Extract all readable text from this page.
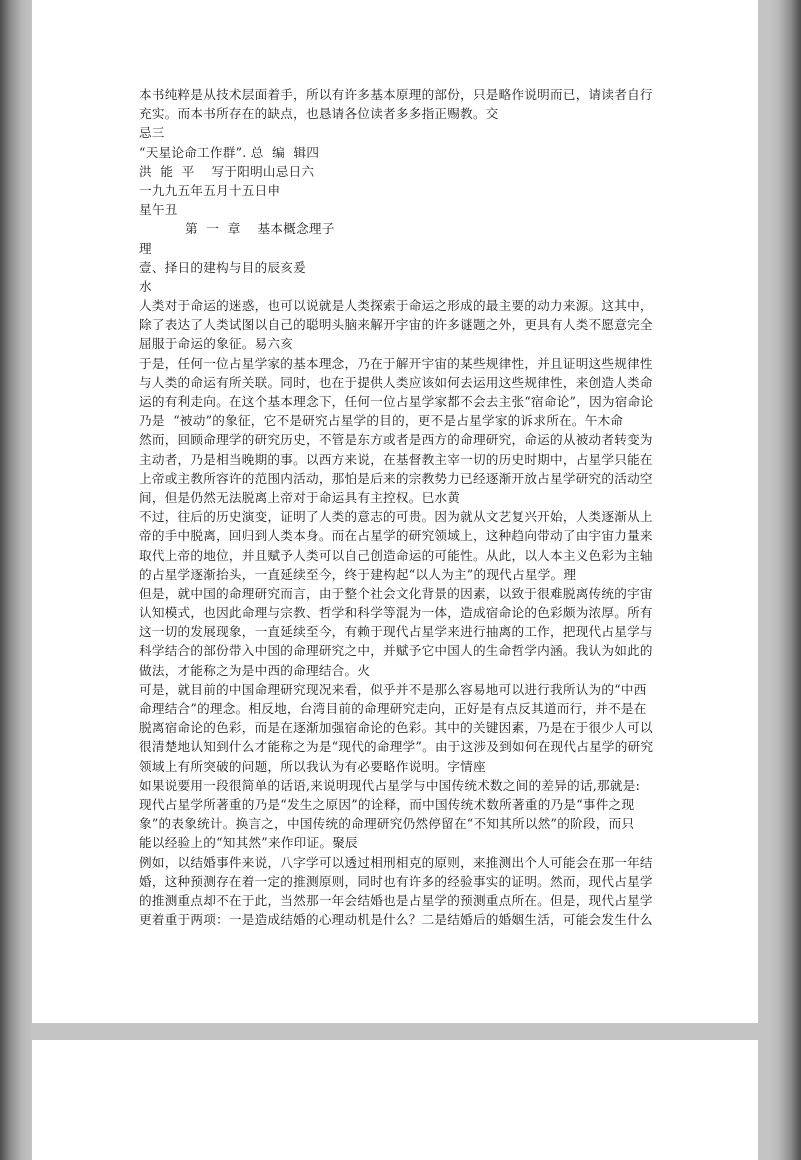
本书纯粹是从技术层面着手，所以有许多基本原理的部份，只是略作说明而已，请读者自行
充实。而本书所存在的缺点，也恳请各位读者多多指正赐教。交
忌三
“天星论命工作群”. 总  编  辑四
洪  能  平    写于阳明山忌日六
一九九五年五月十五日申
星午丑
第  一  章    基本概念理子
理
壹、择日的建构与目的辰亥爰
水
人类对于命运的迷惑，也可以说就是人类探索于命运之形成的最主要的动力来源。这其中，
除了表达了人类试图以自己的聪明头脑来解开宇宙的许多谜题之外，更具有人类不愿意完全
屈服于命运的象征。易六亥
于是，任何一位占星学家的基本理念，乃在于解开宇宙的某些规律性，并且证明这些规律性
与人类的命运有所关联。同时，也在于提供人类应该如何去运用这些规律性，来创造人类命
运的有利走向。在这个基本理念下，任何一位占星学家都不会去主张“宿命论”，因为宿命论
乃是  “被动”的象征，它不是研究占星学的目的，更不是占星学家的诉求所在。午木命
然而，回顾命理学的研究历史，不管是东方或者是西方的命理研究，命运的从被动者转变为
主动者，乃是相当晚期的事。以西方来说，在基督教主宰一切的历史时期中，占星学只能在
上帝或主教所容许的范围内活动，那怕是后来的宗教势力已经逐渐开放占星学研究的活动空
间，但是仍然无法脱离上帝对于命运具有主控权。巳水黄
不过，往后的历史演变，证明了人类的意志的可贵。因为就从文艺复兴开始，人类逐渐从上
帝的手中脱离，回归到人类本身。而在占星学的研究领域上，这种趋向带动了由宇宙力量来
取代上帝的地位，并且赋予人类可以自己创造命运的可能性。从此，以人本主义色彩为主轴
的占星学逐渐抬头，一直延续至今，终于建构起“以人为主”的现代占星学。理
但是，就中国的命理研究而言，由于整个社会文化背景的因素，以致于很难脱离传统的宇宙
认知模式，也因此命理与宗教、哲学和科学等混为一体，造成宿命论的色彩颇为浓厚。所有
这一切的发展现象，一直延续至今，有赖于现代占星学来进行抽离的工作，把现代占星学与
科学结合的部份带入中国的命理研究之中，并赋予它中国人的生命哲学内涵。我认为如此的
做法，才能称之为是中西的命理结合。火
可是，就目前的中国命理研究现况来看，似乎并不是那么容易地可以进行我所认为的“中西
命理结合”的理念。相反地，台湾目前的命理研究走向，正好是有点反其道而行，并不是在
脱离宿命论的色彩，而是在逐渐加强宿命论的色彩。其中的关键因素，乃是在于很少人可以
很清楚地认知到什么才能称之为是“现代的命理学”。由于这涉及到如何在现代占星学的研究
领域上有所突破的问题，所以我认为有必要略作说明。字情座
如果说要用一段很简单的话语,来说明现代占星学与中国传统术数之间的差异的话,那就是:
现代占星学所著重的乃是“发生之原因”的诠释，而中国传统术数所著重的乃是“事件之现
象”的表象统计。换言之，中国传统的命理研究仍然停留在“不知其所以然”的阶段，而只
能以经验上的“知其然”来作印证。聚辰
例如，以结婚事件来说，八字学可以透过相刑相克的原则，来推测出个人可能会在那一年结
婚，这种预测存在着一定的推测原则，同时也有许多的经验事实的证明。然而，现代占星学
的推测重点却不在于此，当然那一年会结婚也是占星学的预测重点所在。但是，现代占星学
更着重于两项：一是造成结婚的心理动机是什么？二是结婚后的婚姻生活，可能会发生什么
